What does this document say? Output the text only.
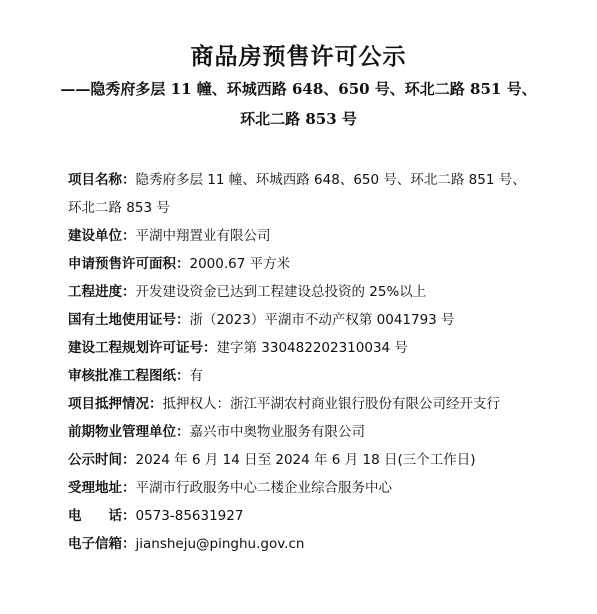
商品房预售许可公示
——隐秀府多层 11 幢、环城西路 648、650 号、环北二路 851 号、
环北二路 853 号
项目名称：隐秀府多层 11 幢、环城西路 648、650 号、环北二路 851 号、环北二路 853 号
建设单位：平湖中翔置业有限公司
申请预售许可面积：2000.67 平方米
工程进度：开发建设资金已达到工程建设总投资的 25%以上
国有土地使用证号：浙（2023）平湖市不动产权第 0041793 号
建设工程规划许可证号：建字第 330482202310034 号
审核批准工程图纸：有
项目抵押情况：抵押权人：浙江平湖农村商业银行股份有限公司经开支行
前期物业管理单位：嘉兴市中奥物业服务有限公司
公示时间：2024 年 6 月 14 日至 2024 年 6 月 18 日(三个工作日)
受理地址：平湖市行政服务中心二楼企业综合服务中心
电　　话：0573-85631927
电子信箱：jiansheju@pinghu.gov.cn
